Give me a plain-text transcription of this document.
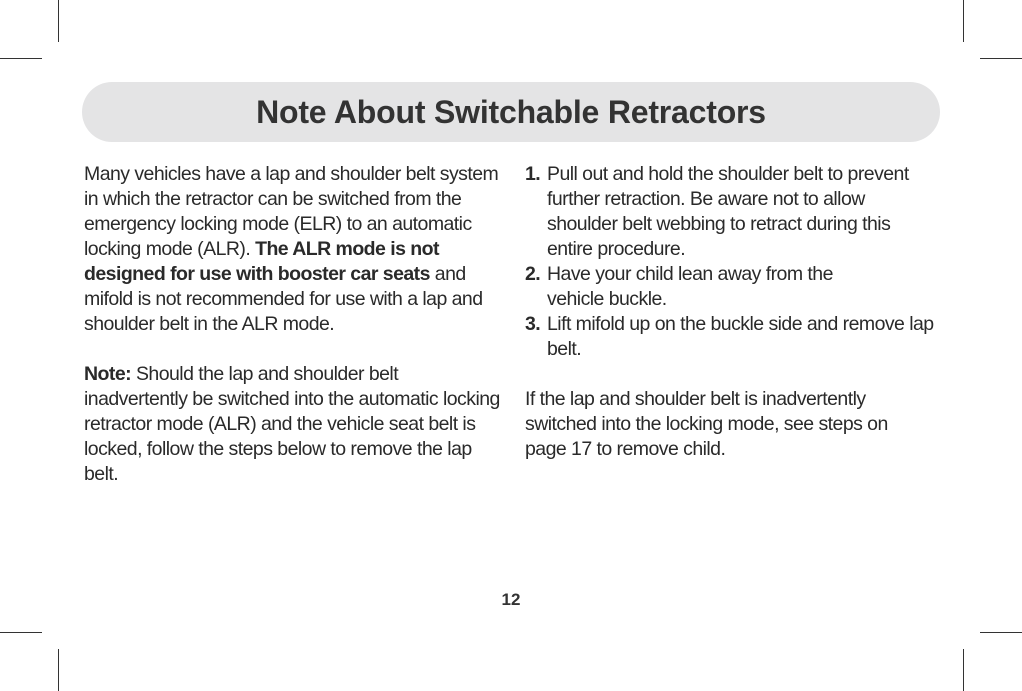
Note About Switchable Retractors

Many vehicles have a lap and shoulder belt system in which the retractor can be switched from the emergency locking mode (ELR) to an automatic locking mode (ALR). The ALR mode is not designed for use with booster car seats and mifold is not recommended for use with a lap and shoulder belt in the ALR mode.

Note: Should the lap and shoulder belt inadvertently be switched into the automatic locking retractor mode (ALR) and the vehicle seat belt is locked, follow the steps below to remove the lap belt.

1. Pull out and hold the shoulder belt to prevent further retraction. Be aware not to allow shoulder belt webbing to retract during this entire procedure.
2. Have your child lean away from the vehicle buckle.
3. Lift mifold up on the buckle side and remove lap belt.

If the lap and shoulder belt is inadvertently switched into the locking mode, see steps on page 17 to remove child.

12
